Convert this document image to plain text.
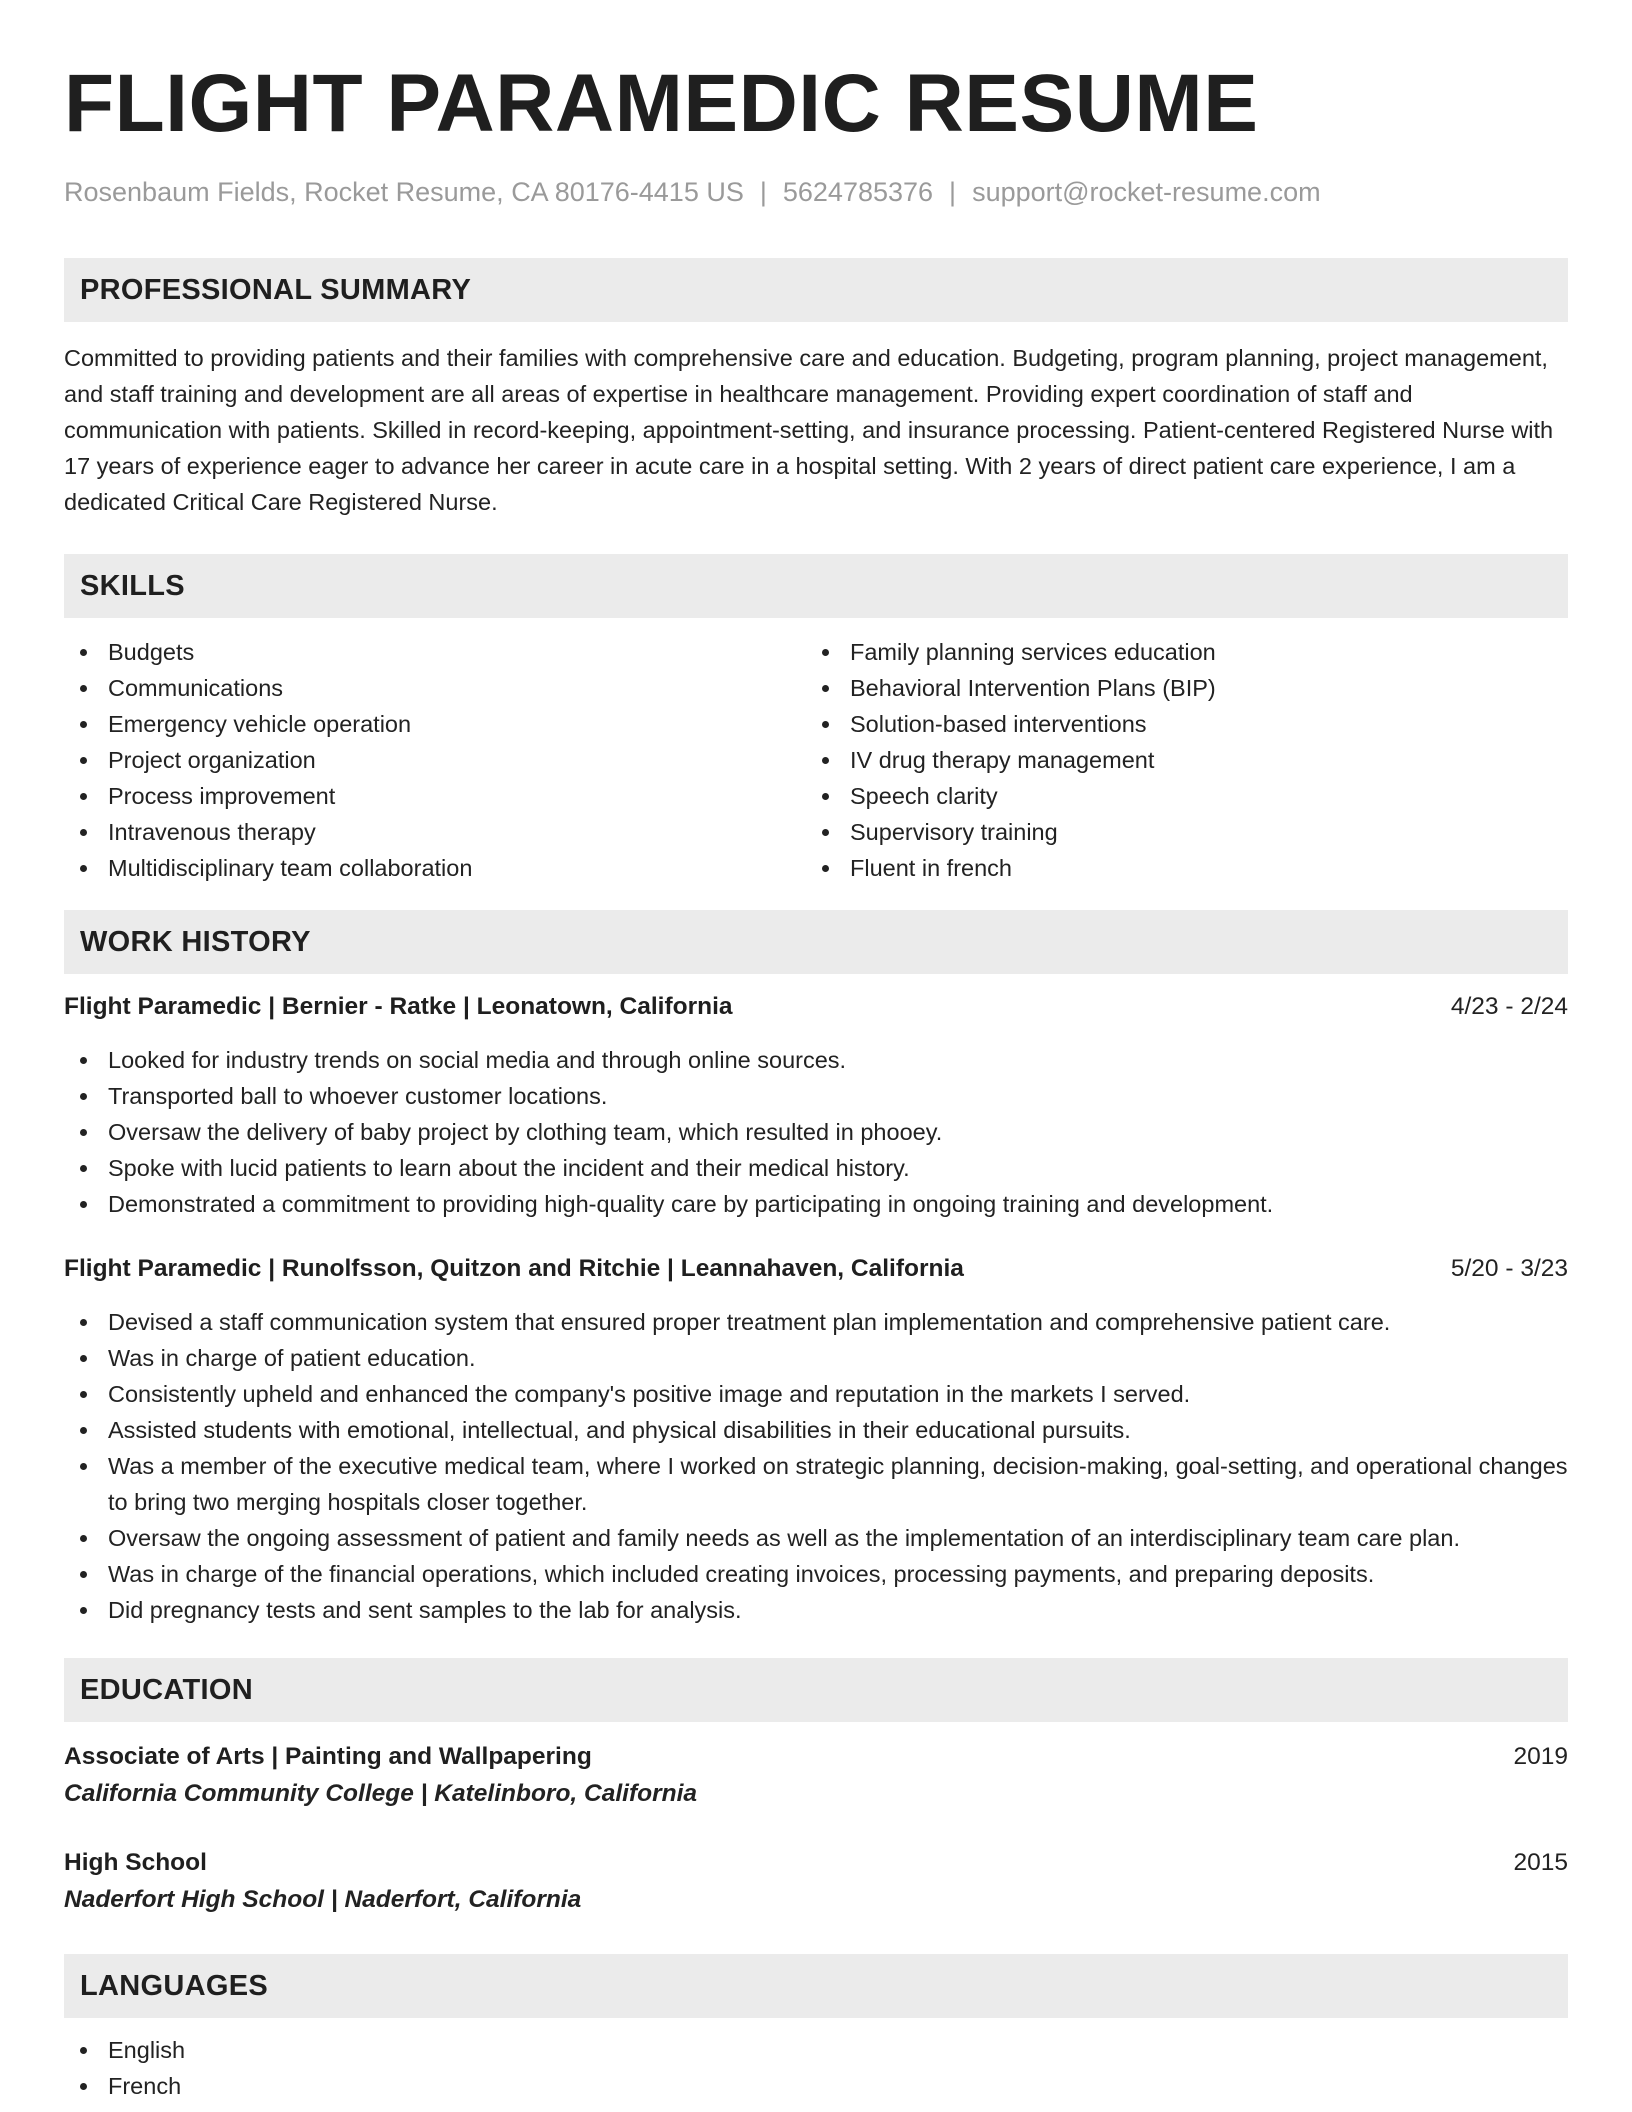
FLIGHT PARAMEDIC RESUME
Rosenbaum Fields, Rocket Resume, CA 80176-4415 US | 5624785376 | support@rocket-resume.com
PROFESSIONAL SUMMARY

Committed to providing patients and their families with comprehensive care and education. Budgeting, program planning, project management, and staff training and development are all areas of expertise in healthcare management. Providing expert coordination of staff and communication with patients. Skilled in record-keeping, appointment-setting, and insurance processing. Patient-centered Registered Nurse with 17 years of experience eager to advance her career in acute care in a hospital setting. With 2 years of direct patient care experience, I am a dedicated Critical Care Registered Nurse.

SKILLS
Budgets
Communications
Emergency vehicle operation
Project organization
Process improvement
Intravenous therapy
Multidisciplinary team collaboration
Family planning services education
Behavioral Intervention Plans (BIP)
Solution-based interventions
IV drug therapy management
Speech clarity
Supervisory training
Fluent in french
WORK HISTORY
Flight Paramedic | Bernier - Ratke | Leonatown, California	4/23 - 2/24
Looked for industry trends on social media and through online sources.
Transported ball to whoever customer locations.
Oversaw the delivery of baby project by clothing team, which resulted in phooey.
Spoke with lucid patients to learn about the incident and their medical history.
Demonstrated a commitment to providing high-quality care by participating in ongoing training and development.
Flight Paramedic | Runolfsson, Quitzon and Ritchie | Leannahaven, California	5/20 - 3/23
Devised a staff communication system that ensured proper treatment plan implementation and comprehensive patient care.
Was in charge of patient education.
Consistently upheld and enhanced the company's positive image and reputation in the markets I served.
Assisted students with emotional, intellectual, and physical disabilities in their educational pursuits.
Was a member of the executive medical team, where I worked on strategic planning, decision-making, goal-setting, and operational changes to bring two merging hospitals closer together.
Oversaw the ongoing assessment of patient and family needs as well as the implementation of an interdisciplinary team care plan.
Was in charge of the financial operations, which included creating invoices, processing payments, and preparing deposits.
Did pregnancy tests and sent samples to the lab for analysis.
EDUCATION
Associate of Arts | Painting and Wallpapering	2019
California Community College | Katelinboro, California
High School	2015
Naderfort High School | Naderfort, California
LANGUAGES
English
French
